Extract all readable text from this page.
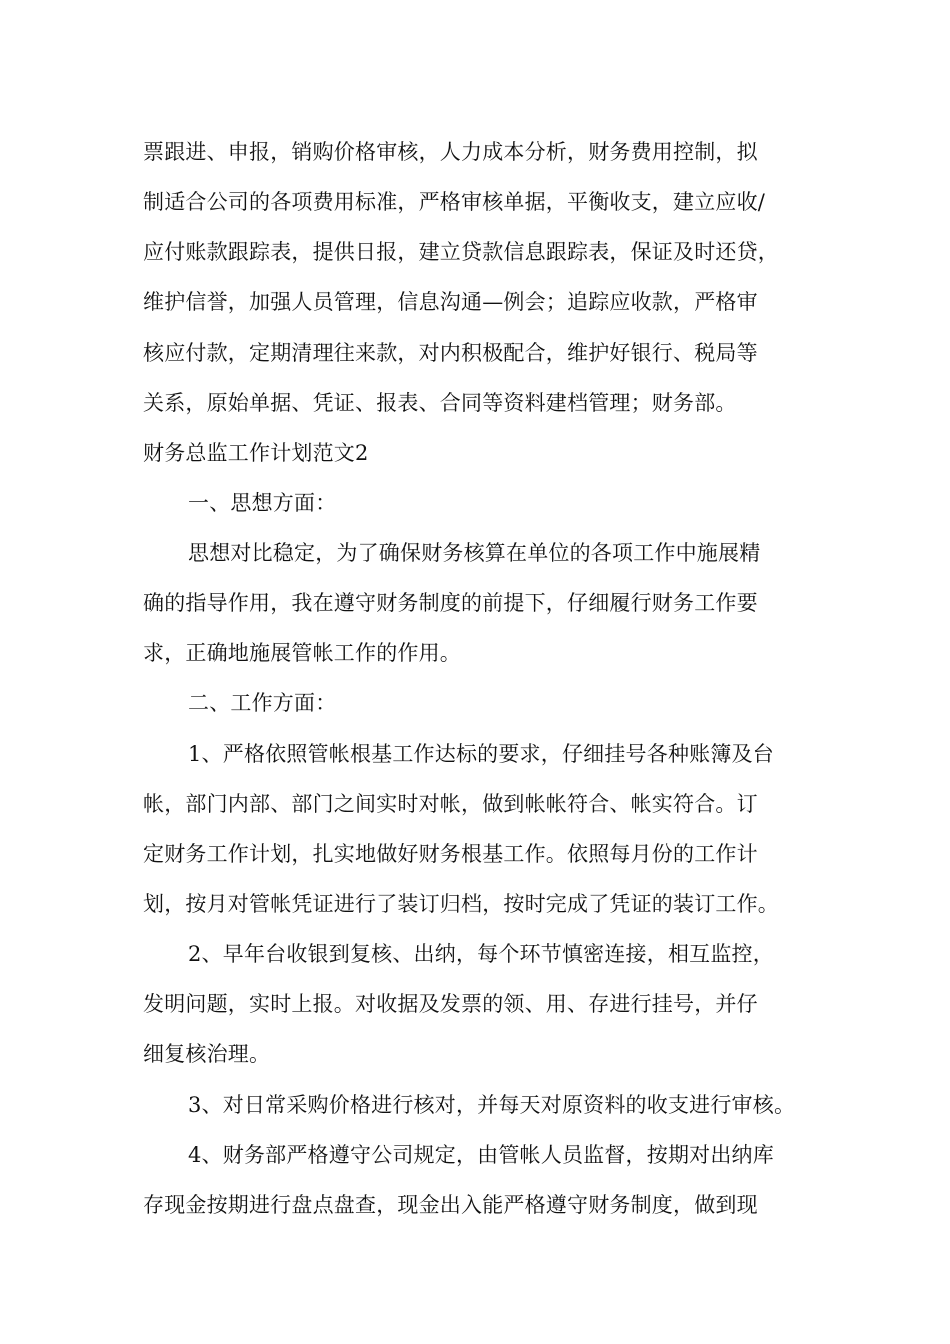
票跟进、申报，销购价格审核，人力成本分析，财务费用控制，拟
制适合公司的各项费用标准，严格审核单据，平衡收支，建立应收/
应付账款跟踪表，提供日报，建立贷款信息跟踪表，保证及时还贷，
维护信誉，加强人员管理，信息沟通—例会；追踪应收款，严格审
核应付款，定期清理往来款，对内积极配合，维护好银行、税局等
关系，原始单据、凭证、报表、合同等资料建档管理；财务部。
财务总监工作计划范文2
一、思想方面：
思想对比稳定，为了确保财务核算在单位的各项工作中施展精
确的指导作用，我在遵守财务制度的前提下，仔细履行财务工作要
求，正确地施展管帐工作的作用。
二、工作方面：
1、严格依照管帐根基工作达标的要求，仔细挂号各种账簿及台
帐，部门内部、部门之间实时对帐，做到帐帐符合、帐实符合。订
定财务工作计划，扎实地做好财务根基工作。依照每月份的工作计
划，按月对管帐凭证进行了装订归档，按时完成了凭证的装订工作。
2、早年台收银到复核、出纳，每个环节慎密连接，相互监控，
发明问题，实时上报。对收据及发票的领、用、存进行挂号，并仔
细复核治理。
3、对日常采购价格进行核对，并每天对原资料的收支进行审核。
4、财务部严格遵守公司规定，由管帐人员监督，按期对出纳库
存现金按期进行盘点盘查，现金出入能严格遵守财务制度，做到现
